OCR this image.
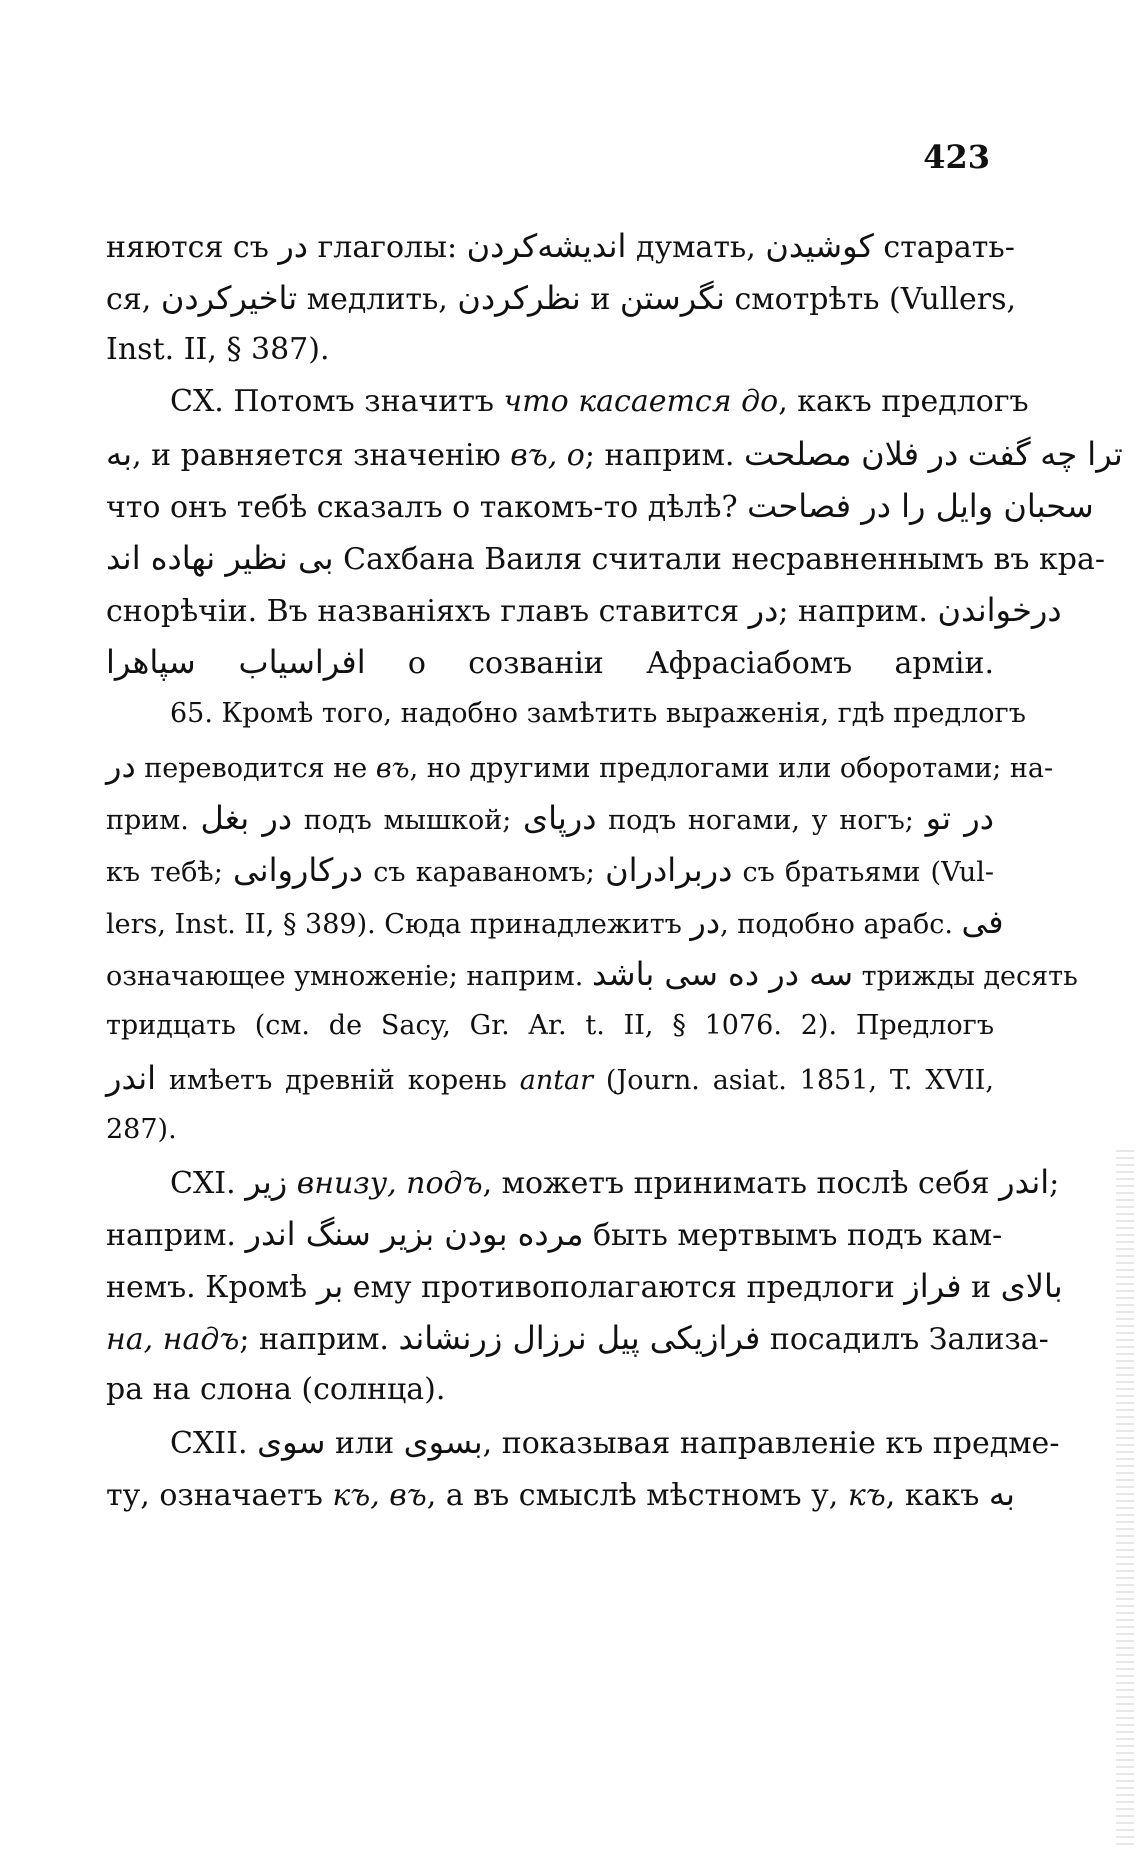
423
няются съ در глаголы: اندیشه‌کردن думать, کوشیدن старать-
ся, تاخیرکردن медлить, نظرکردن и نگرستن смотрѣть (Vullers,
Inst. II, § 387).
CX. Потомъ значитъ что касается до, какъ предлогъ
به, и равняется значенію въ, о; наприм. مصلحت فلان در گفت ترا چه
что онъ тебѣ сказалъ о такомъ-то дѣлѣ? سحبان وایل را در فصاحت
بی نظیر نهاده اند Сахбана Ваиля считали несравненнымъ въ кра-
снорѣчіи. Въ названіяхъ главъ ставится در; наприм. درخواندن
افراسیاب سپاهرا о созваніи Афрасіабомъ арміи.
65. Кромѣ того, надобно замѣтить выраженія, гдѣ предлогъ
در переводится не въ, но другими предлогами или оборотами; на-
прим. در بغل подъ мышкой; درپای подъ ногами, у ногъ; در تو
къ тебѣ; درکاروانی съ караваномъ; دربرادران съ братьями (Vul-
lers, Inst. II, § 389). Сюда принадлежитъ در, подобно арабс. فی
означающее умноженіе; наприм. سه در ده سی باشد трижды десять
тридцать (см. de Sacy, Gr. Ar. t. II, § 1076. 2). Предлогъ
اندر имѣетъ древній корень antar (Journ. asiat. 1851, T. XVII,
287).
CXI. زیر внизу, подъ, можетъ принимать послѣ себя اندر;
наприм. مرده بودن بزیر سنگ اندر быть мертвымъ подъ кам-
немъ. Кромѣ بر ему противополагаются предлоги فراز и بالای
на, надъ; наприм. فرازیکی پیل نرزال زرنشاند посадилъ Зализа-
ра на слона (солнца).
CXII. سوی или بسوی, показывая направленіе къ предме-
ту, означаетъ къ, въ, а въ смыслѣ мѣстномъ у, къ, какъ به
